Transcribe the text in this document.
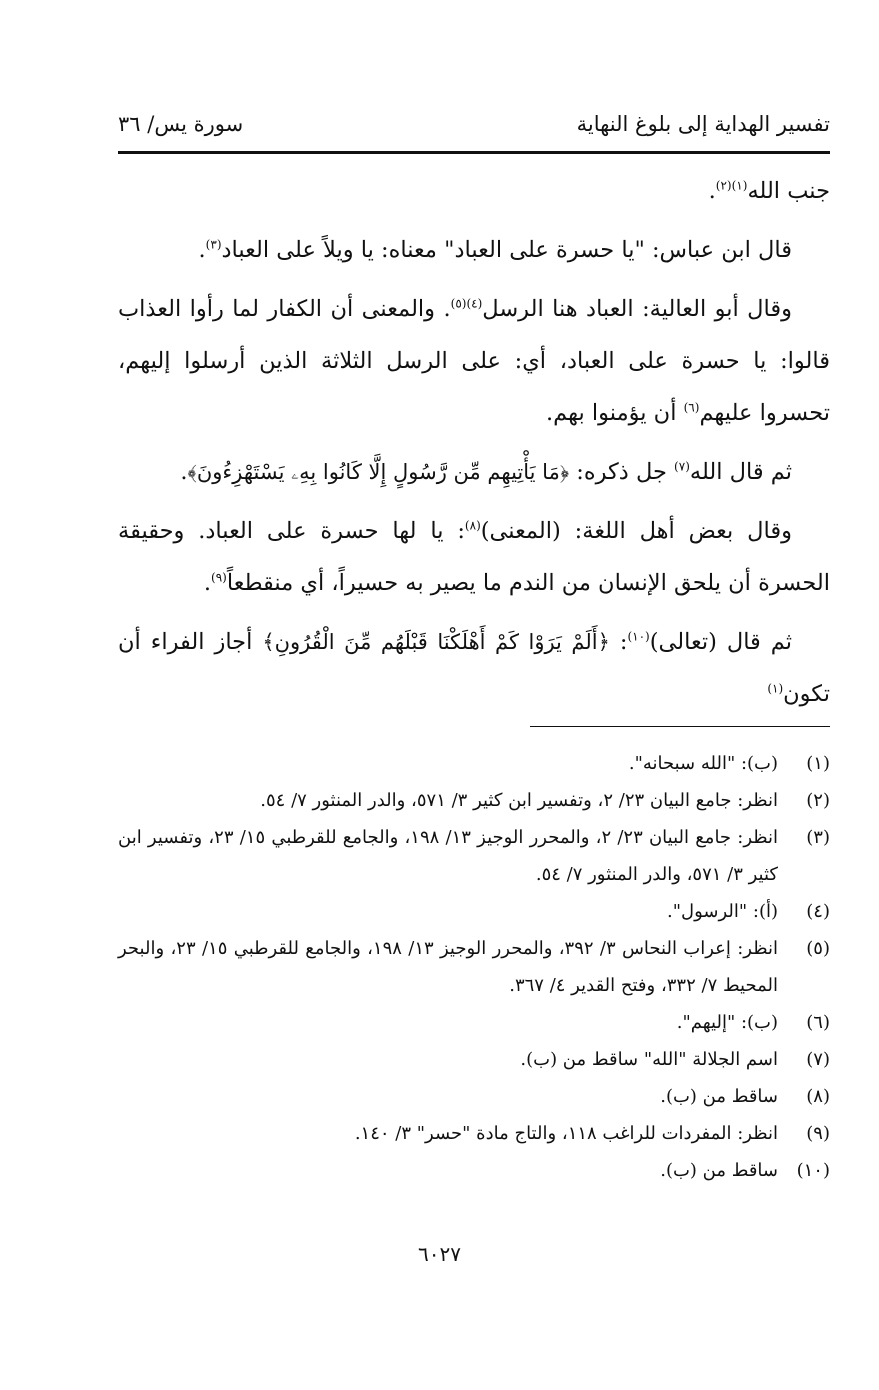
تفسير الهداية إلى بلوغ النهاية
سورة يس/ ٣٦

جنب الله$^{(١)(٢)}$.

قال ابن عباس: "يا حسرة على العباد" معناه: يا ويلاً على العباد$^{(٣)}$.

وقال أبو العالية: العباد هنا الرسل$^{(٤)(٥)}$. والمعنى أن الكفار لما رأوا العذاب قالوا: يا حسرة على العباد، أي: على الرسل الثلاثة الذين أرسلوا إليهم، تحسروا عليهم$^{(٦)}$ أن يؤمنوا بهم.

ثم قال الله$^{(٧)}$ جل ذكره: ﴿مَا يَأْتِيهِم مِّن رَّسُولٍ إِلَّا كَانُوا بِهِۦ يَسْتَهْزِءُونَ﴾.

وقال بعض أهل اللغة: (المعنى)$^{(٨)}$: يا لها حسرة على العباد. وحقيقة الحسرة أن يلحق الإنسان من الندم ما يصير به حسيراً، أي منقطعاً$^{(٩)}$.

ثم قال (تعالى)$^{(١٠)}$: ﴿أَلَمْ يَرَوْا كَمْ أَهْلَكْنَا قَبْلَهُم مِّنَ الْقُرُونِ﴾ أجاز الفراء أن تكون$^{(١)}$

(١)
(ب): "الله سبحانه".
(٢)
انظر: جامع البيان ٢٣/ ٢، وتفسير ابن كثير ٣/ ٥٧١، والدر المنثور ٧/ ٥٤.
(٣)
انظر: جامع البيان ٢٣/ ٢، والمحرر الوجيز ١٣/ ١٩٨، والجامع للقرطبي ١٥/ ٢٣، وتفسير ابن كثير ٣/ ٥٧١، والدر المنثور ٧/ ٥٤.
(٤)
(أ): "الرسول".
(٥)
انظر: إعراب النحاس ٣/ ٣٩٢، والمحرر الوجيز ١٣/ ١٩٨، والجامع للقرطبي ١٥/ ٢٣، والبحر المحيط ٧/ ٣٣٢، وفتح القدير ٤/ ٣٦٧.
(٦)
(ب): "إليهم".
(٧)
اسم الجلالة "الله" ساقط من (ب).
(٨)
ساقط من (ب).
(٩)
انظر: المفردات للراغب ١١٨، والتاج مادة "حسر" ٣/ ١٤٠.
(١٠)
ساقط من (ب).
٦٠٢٧
